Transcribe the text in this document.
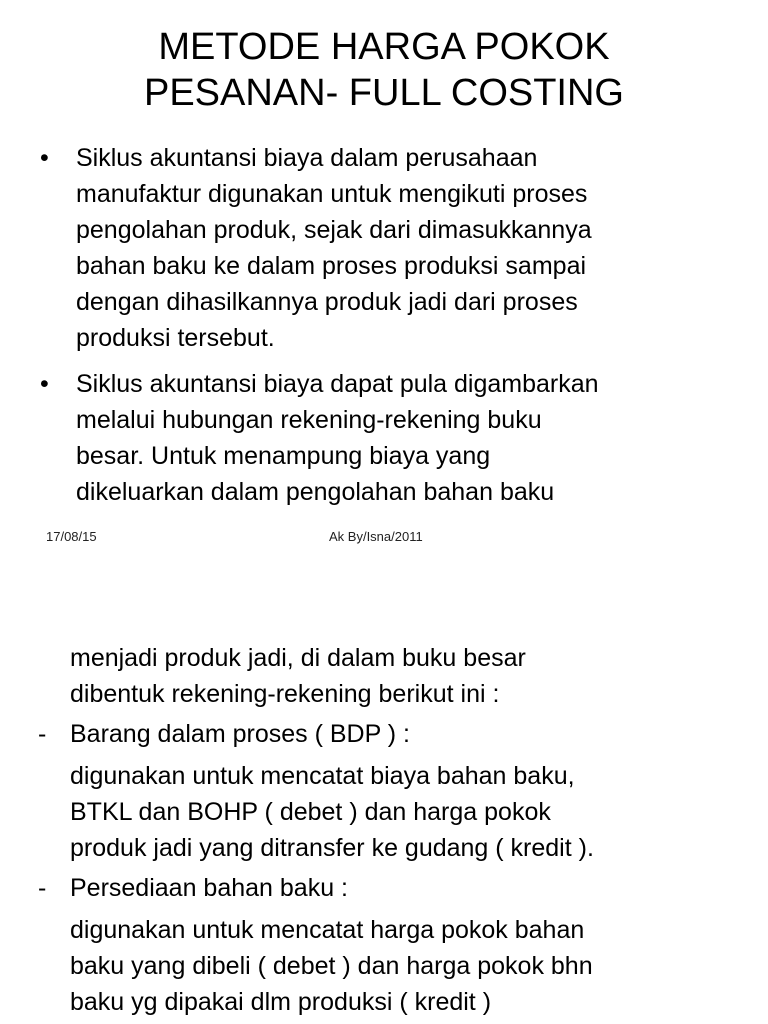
METODE HARGA POKOK
PESANAN- FULL COSTING
• Siklus akuntansi biaya dalam perusahaan
manufaktur digunakan untuk mengikuti proses
pengolahan produk, sejak dari dimasukkannya
bahan baku ke dalam proses produksi sampai
dengan dihasilkannya produk jadi dari proses
produksi tersebut.
• Siklus akuntansi biaya dapat pula digambarkan
melalui hubungan rekening-rekening buku
besar. Untuk menampung biaya yang
dikeluarkan dalam pengolahan bahan baku
17/08/15	Ak By/Isna/2011
menjadi produk jadi, di dalam buku besar
dibentuk rekening-rekening berikut ini :
- Barang dalam proses ( BDP ) :
digunakan untuk mencatat biaya bahan baku,
BTKL dan BOHP ( debet ) dan harga pokok
produk jadi yang ditransfer ke gudang ( kredit ).
- Persediaan bahan baku :
digunakan untuk mencatat harga pokok bahan
baku yang dibeli ( debet ) dan harga pokok bhn
baku yg dipakai dlm produksi ( kredit )
